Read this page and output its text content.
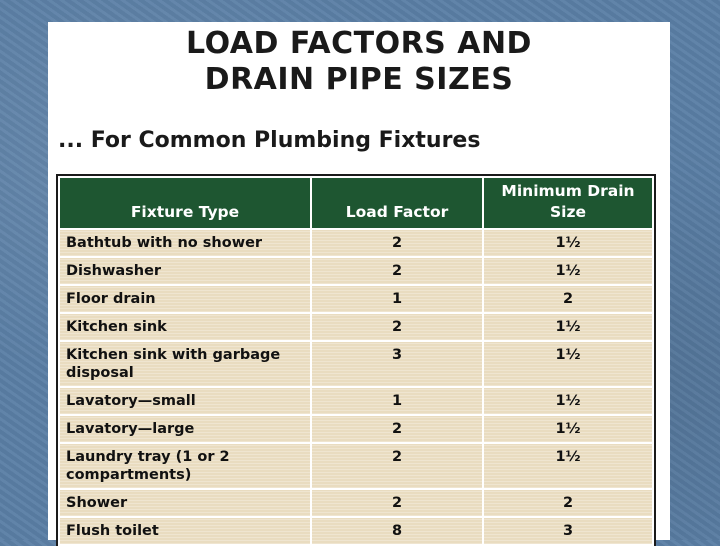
LOAD FACTORS AND
DRAIN PIPE SIZES

... For Common Plumbing Fixtures

Fixture Type	Load Factor	Minimum Drain Size
Bathtub with no shower	2	1½
Dishwasher	2	1½
Floor drain	1	2
Kitchen sink	2	1½
Kitchen sink with garbage disposal	3	1½
Lavatory—small	1	1½
Lavatory—large	2	1½
Laundry tray (1 or 2 compartments)	2	1½
Shower	2	2
Flush toilet	8	3
